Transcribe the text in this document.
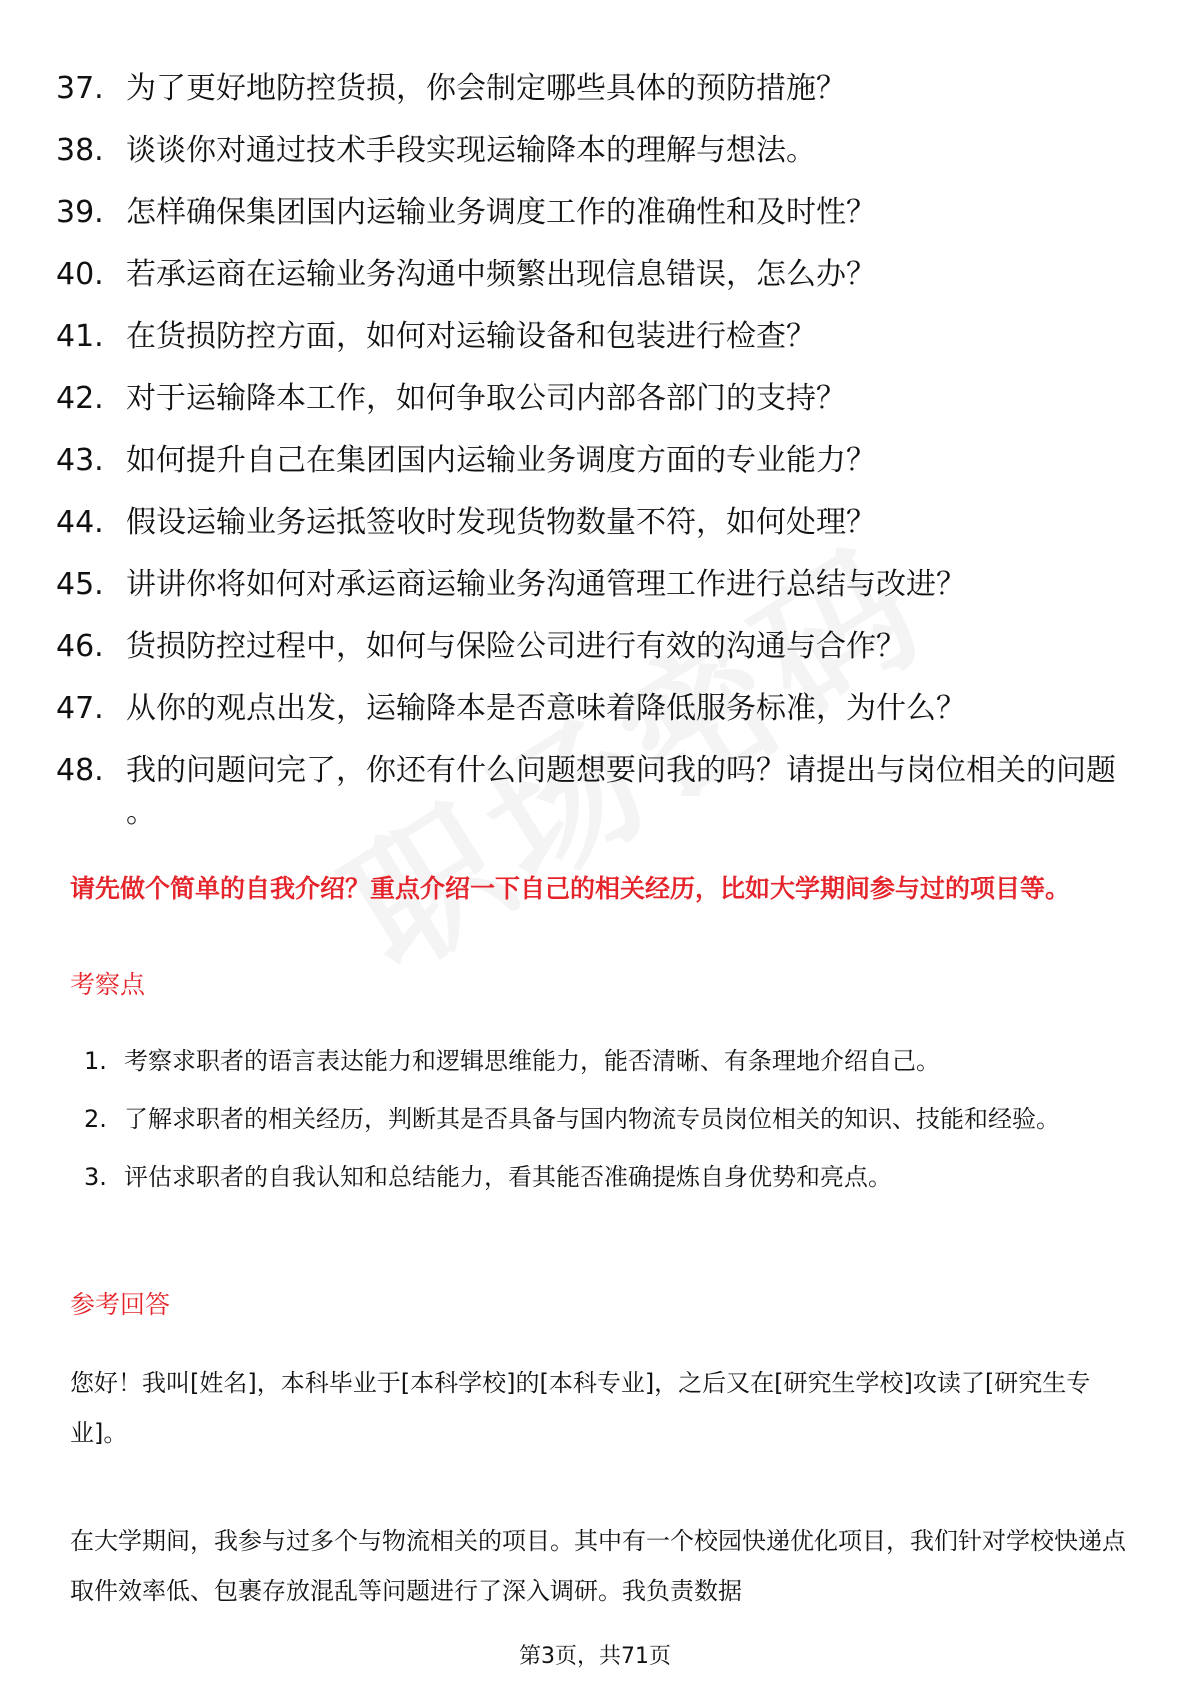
37. 为了更好地防控货损，你会制定哪些具体的预防措施？
38. 谈谈你对通过技术手段实现运输降本的理解与想法。
39. 怎样确保集团国内运输业务调度工作的准确性和及时性？
40. 若承运商在运输业务沟通中频繁出现信息错误，怎么办？
41. 在货损防控方面，如何对运输设备和包装进行检查？
42. 对于运输降本工作，如何争取公司内部各部门的支持？
43. 如何提升自己在集团国内运输业务调度方面的专业能力？
44. 假设运输业务运抵签收时发现货物数量不符，如何处理？
45. 讲讲你将如何对承运商运输业务沟通管理工作进行总结与改进？
46. 货损防控过程中，如何与保险公司进行有效的沟通与合作？
47. 从你的观点出发，运输降本是否意味着降低服务标准，为什么？
48. 我的问题问完了，你还有什么问题想要问我的吗？请提出与岗位相关的问题 。

请先做个简单的自我介绍？重点介绍一下自己的相关经历，比如大学期间参与过的项目等。

考察点

1. 考察求职者的语言表达能力和逻辑思维能力，能否清晰、有条理地介绍自己。
2. 了解求职者的相关经历，判断其是否具备与国内物流专员岗位相关的知识、技能和经验。
3. 评估求职者的自我认知和总结能力，看其能否准确提炼自身优势和亮点。

参考回答

您好！我叫[姓名]，本科毕业于[本科学校]的[本科专业]，之后又在[研究生学校]攻读了[研究生专业]。

在大学期间，我参与过多个与物流相关的项目。其中有一个校园快递优化项目，我们针对学校快递点取件效率低、包裹存放混乱等问题进行了深入调研。我负责数据

第3页，共71页
